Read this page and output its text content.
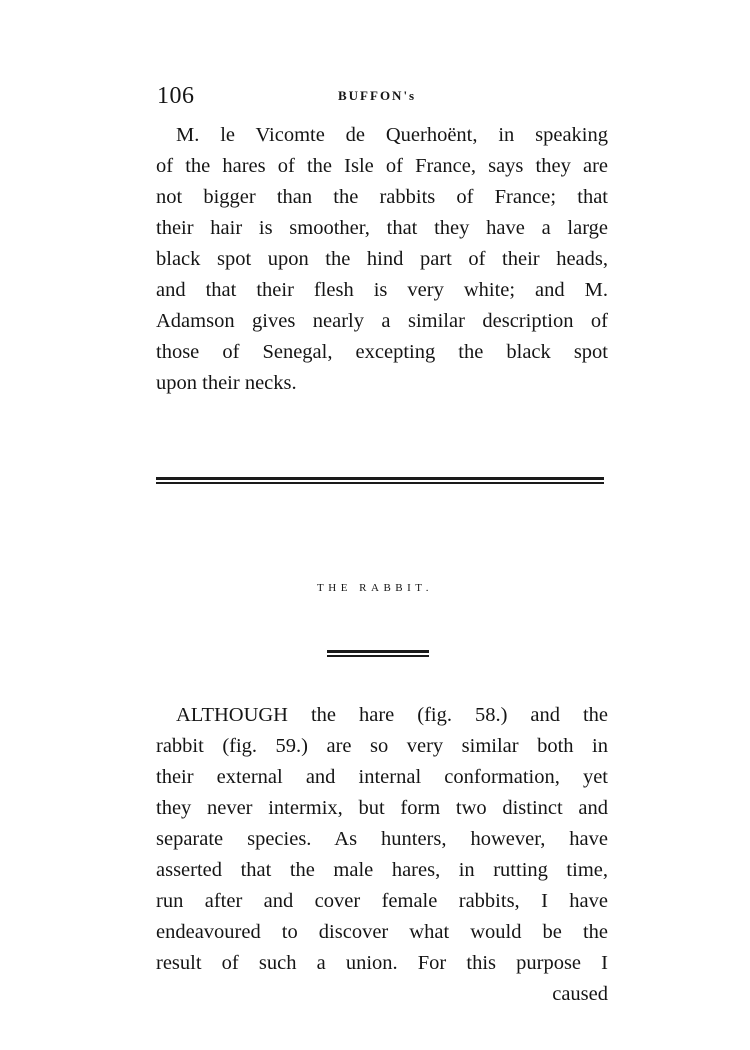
106	BUFFON's

M. le Vicomte de Querhoënt, in speaking
of the hares of the Isle of France, says they are
not bigger than the rabbits of France; that
their hair is smoother, that they have a large
black spot upon the hind part of their heads,
and that their flesh is very white; and M.
Adamson gives nearly a similar description of
those of Senegal, excepting the black spot
upon their necks.

THE RABBIT.

ALTHOUGH the hare (fig. 58.) and the
rabbit (fig. 59.) are so very similar both in
their external and internal conformation, yet
they never intermix, but form two distinct and
separate species. As hunters, however, have
asserted that the male hares, in rutting time,
run after and cover female rabbits, I have
endeavoured to discover what would be the
result of such a union. For this purpose I
caused
